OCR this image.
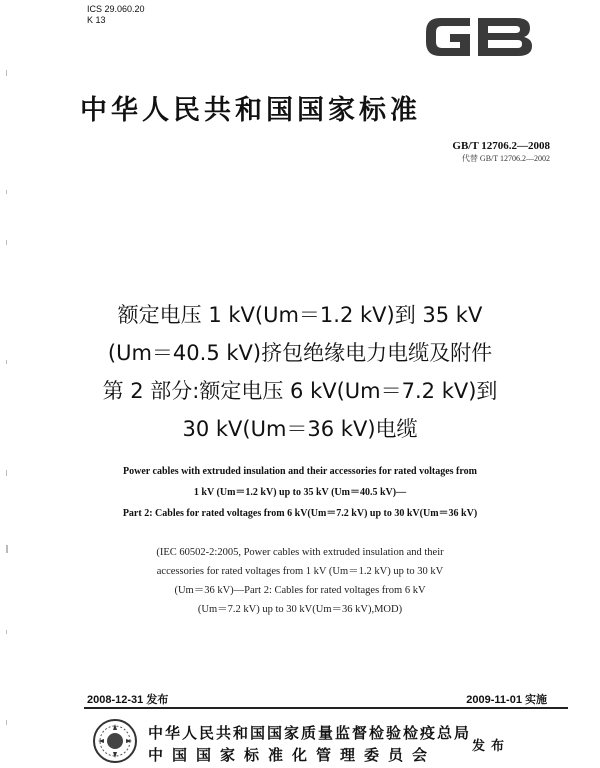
ICS 29.060.20
K 13
中华人民共和国国家标准
GB/T 12706.2—2008
代替 GB/T 12706.2—2002
额定电压 1 kV(Um＝1.2 kV)到 35 kV
(Um＝40.5 kV)挤包绝缘电力电缆及附件
第 2 部分:额定电压 6 kV(Um＝7.2 kV)到
30 kV(Um＝36 kV)电缆
Power cables with extruded insulation and their accessories for rated voltages from
1 kV (Um＝1.2 kV) up to 35 kV (Um＝40.5 kV)—
Part 2: Cables for rated voltages from 6 kV(Um＝7.2 kV) up to 30 kV(Um＝36 kV)
(IEC 60502-2:2005, Power cables with extruded insulation and their
accessories for rated voltages from 1 kV (Um＝1.2 kV) up to 30 kV
(Um＝36 kV)—Part 2: Cables for rated voltages from 6 kV
(Um＝7.2 kV) up to 30 kV(Um＝36 kV),MOD)
2008-12-31 发布	2009-11-01 实施
中华人民共和国国家质量监督检验检疫总局
中国国家标准化管理委员会	发布
